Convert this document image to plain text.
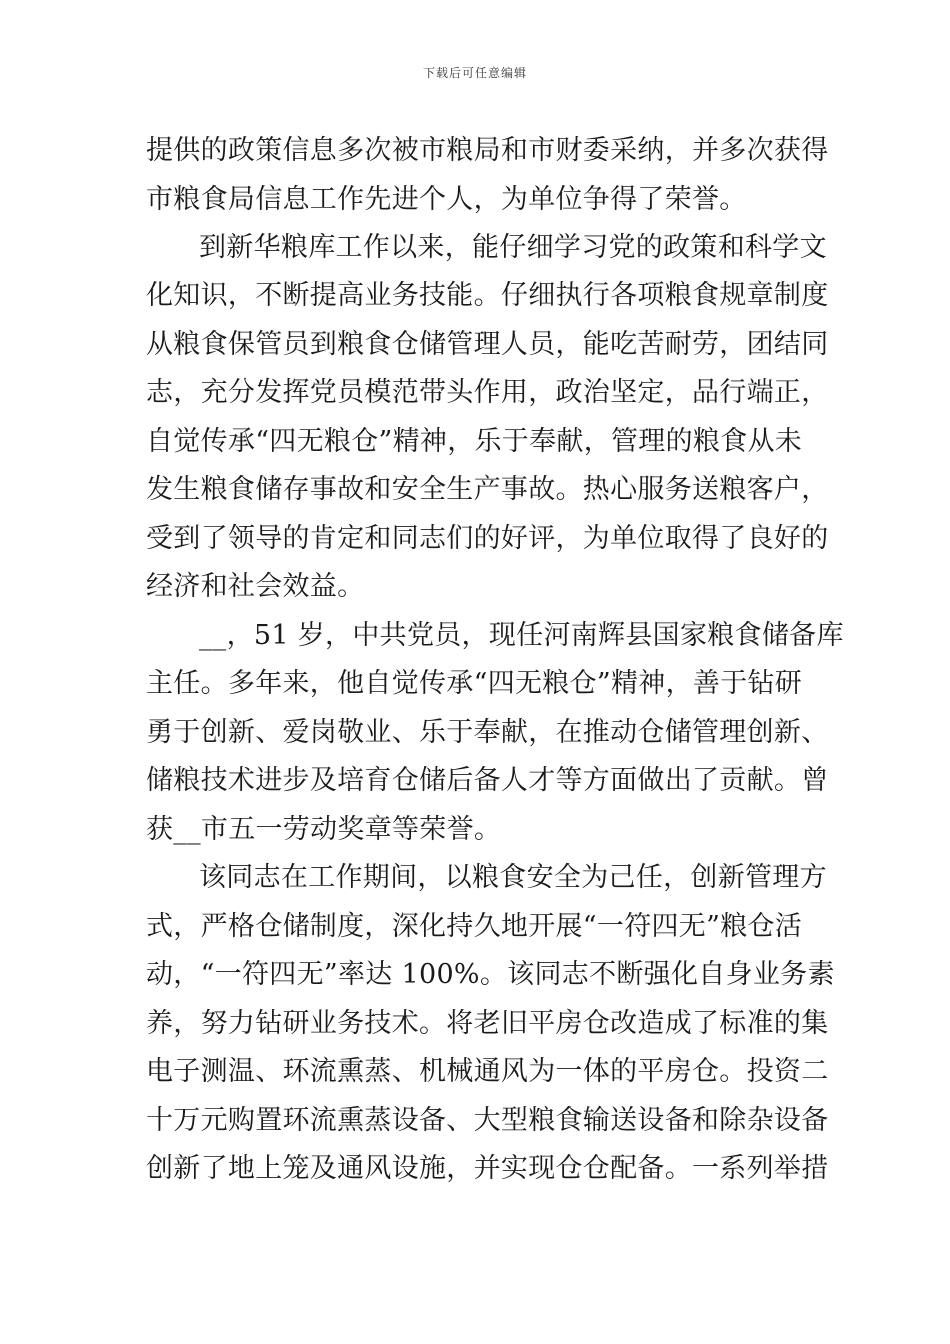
下载后可任意编辑
提供的政策信息多次被市粮局和市财委采纳，并多次获得
市粮食局信息工作先进个人，为单位争得了荣誉。
到新华粮库工作以来，能仔细学习党的政策和科学文
化知识，不断提高业务技能。仔细执行各项粮食规章制度
从粮食保管员到粮食仓储管理人员，能吃苦耐劳，团结同
志，充分发挥党员模范带头作用，政治坚定，品行端正，
自觉传承“四无粮仓”精神，乐于奉献，管理的粮食从未
发生粮食储存事故和安全生产事故。热心服务送粮客户，
受到了领导的肯定和同志们的好评，为单位取得了良好的
经济和社会效益。
__，51 岁，中共党员，现任河南辉县国家粮食储备库
主任。多年来，他自觉传承“四无粮仓”精神，善于钻研
勇于创新、爱岗敬业、乐于奉献，在推动仓储管理创新、
储粮技术进步及培育仓储后备人才等方面做出了贡献。曾
获__市五一劳动奖章等荣誉。
该同志在工作期间，以粮食安全为己任，创新管理方
式，严格仓储制度，深化持久地开展“一符四无”粮仓活
动，“一符四无”率达 100%。该同志不断强化自身业务素
养，努力钻研业务技术。将老旧平房仓改造成了标准的集
电子测温、环流熏蒸、机械通风为一体的平房仓。投资二
十万元购置环流熏蒸设备、大型粮食输送设备和除杂设备
创新了地上笼及通风设施，并实现仓仓配备。一系列举措
